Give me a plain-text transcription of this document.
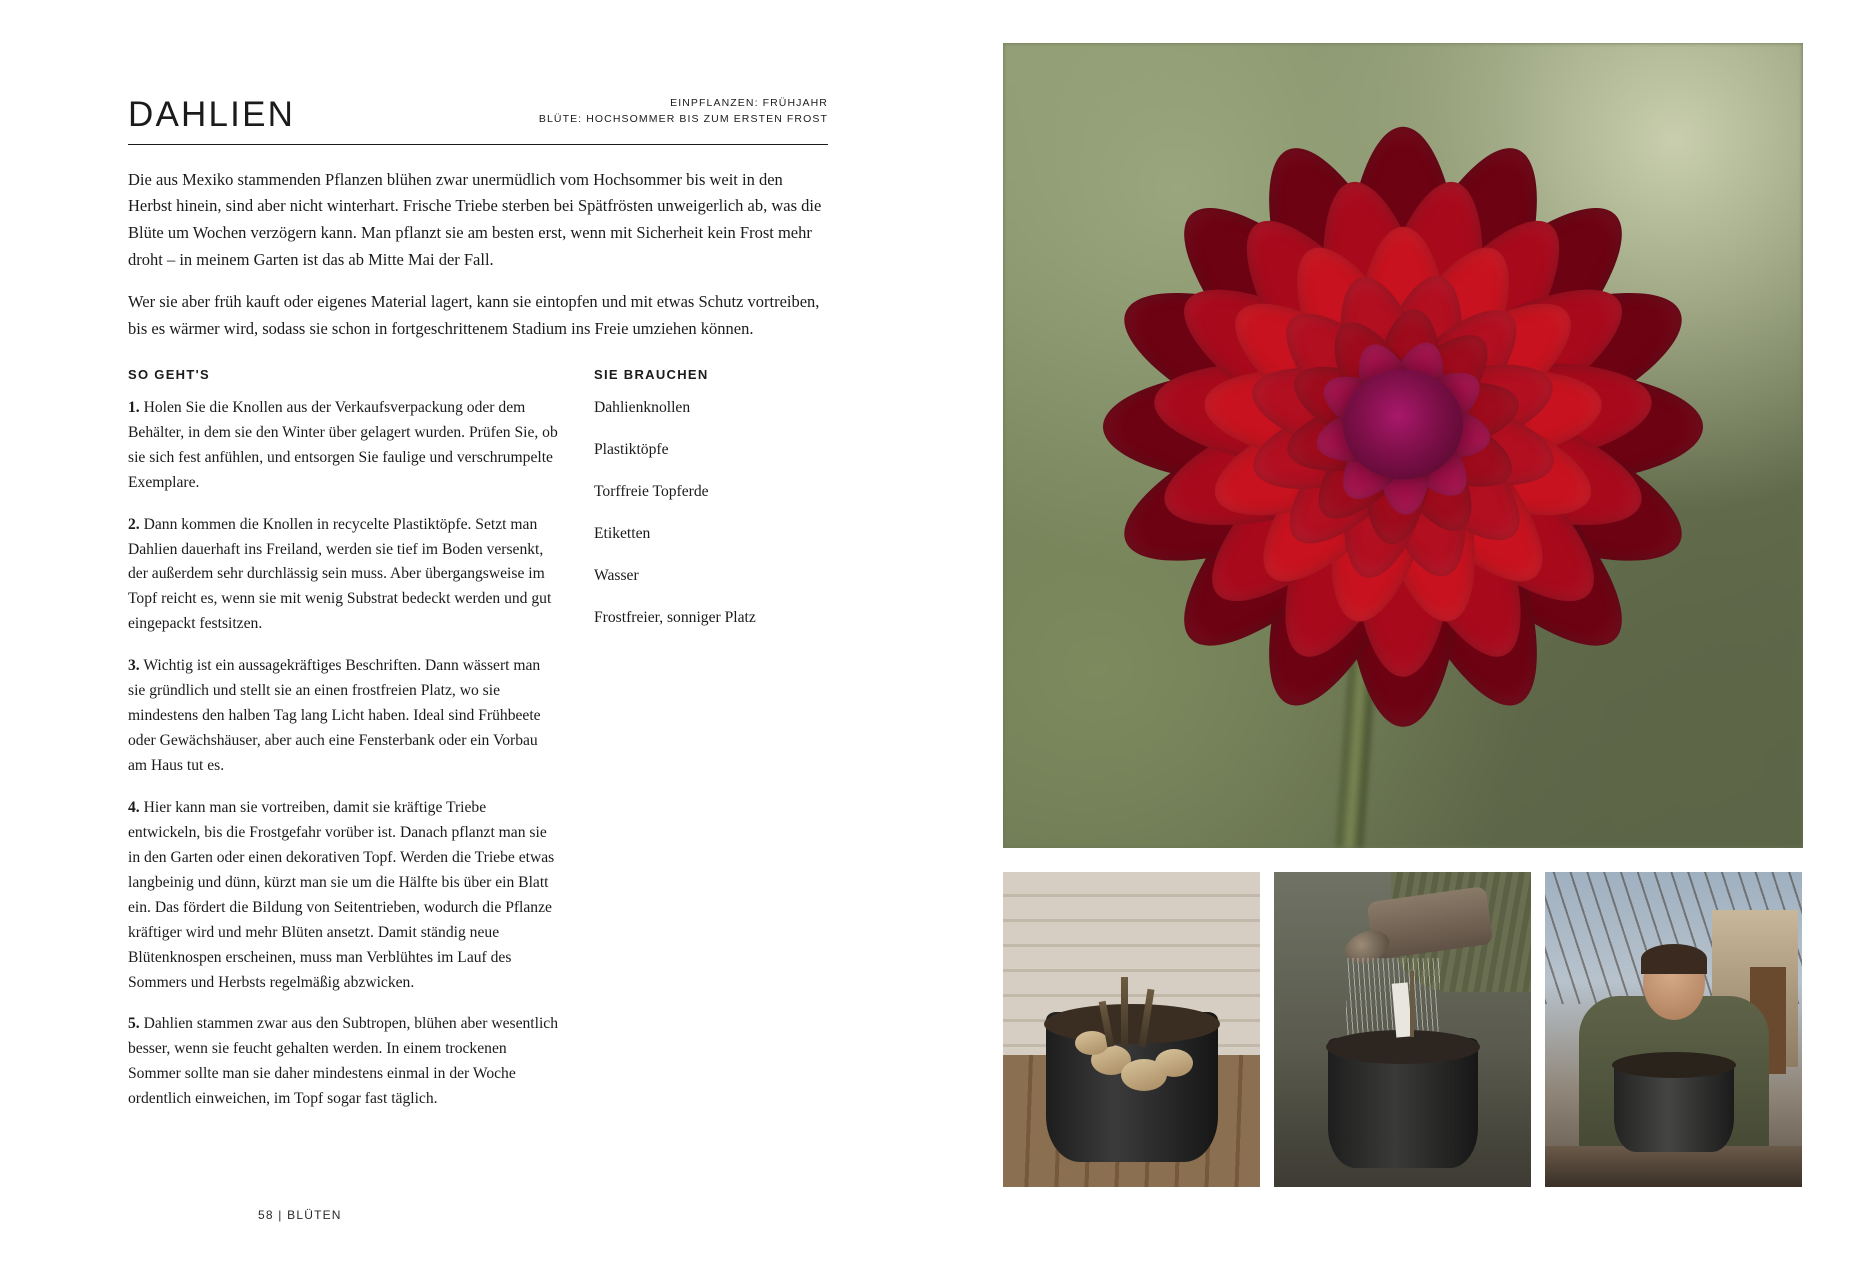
DAHLIEN	EINPFLANZEN: FRÜHJAHR
BLÜTE: HOCHSOMMER BIS ZUM ERSTEN FROST

Die aus Mexiko stammenden Pflanzen blühen zwar unermüdlich vom Hochsommer bis weit in den Herbst hinein, sind aber nicht winterhart. Frische Triebe sterben bei Spätfrösten unweigerlich ab, was die Blüte um Wochen verzögern kann. Man pflanzt sie am besten erst, wenn mit Sicherheit kein Frost mehr droht – in meinem Garten ist das ab Mitte Mai der Fall.

Wer sie aber früh kauft oder eigenes Material lagert, kann sie eintopfen und mit etwas Schutz vortreiben, bis es wärmer wird, sodass sie schon in fortgeschrittenem Stadium ins Freie umziehen können.

SO GEHT'S

1. Holen Sie die Knollen aus der Verkaufsverpackung oder dem Behälter, in dem sie den Winter über gelagert wurden. Prüfen Sie, ob sie sich fest anfühlen, und entsorgen Sie faulige und verschrumpelte Exemplare.

2. Dann kommen die Knollen in recycelte Plastiktöpfe. Setzt man Dahlien dauerhaft ins Freiland, werden sie tief im Boden versenkt, der außerdem sehr durchlässig sein muss. Aber übergangsweise im Topf reicht es, wenn sie mit wenig Substrat bedeckt werden und gut eingepackt festsitzen.

3. Wichtig ist ein aussagekräftiges Beschriften. Dann wässert man sie gründlich und stellt sie an einen frostfreien Platz, wo sie mindestens den halben Tag lang Licht haben. Ideal sind Frühbeete oder Gewächshäuser, aber auch eine Fensterbank oder ein Vorbau am Haus tut es.

4. Hier kann man sie vortreiben, damit sie kräftige Triebe entwickeln, bis die Frostgefahr vorüber ist. Danach pflanzt man sie in den Garten oder einen dekorativen Topf. Werden die Triebe etwas langbeinig und dünn, kürzt man sie um die Hälfte bis über ein Blatt ein. Das fördert die Bildung von Seitentrieben, wodurch die Pflanze kräftiger wird und mehr Blüten ansetzt. Damit ständig neue Blütenknospen erscheinen, muss man Verblühtes im Lauf des Sommers und Herbsts regelmäßig abzwicken.

5. Dahlien stammen zwar aus den Subtropen, blühen aber wesentlich besser, wenn sie feucht gehalten werden. In einem trockenen Sommer sollte man sie daher mindestens einmal in der Woche ordentlich einweichen, im Topf sogar fast täglich.

SIE BRAUCHEN

Dahlienknollen

Plastiktöpfe

Torffreie Topferde

Etiketten

Wasser

Frostfreier, sonniger Platz

58 | BLÜTEN
